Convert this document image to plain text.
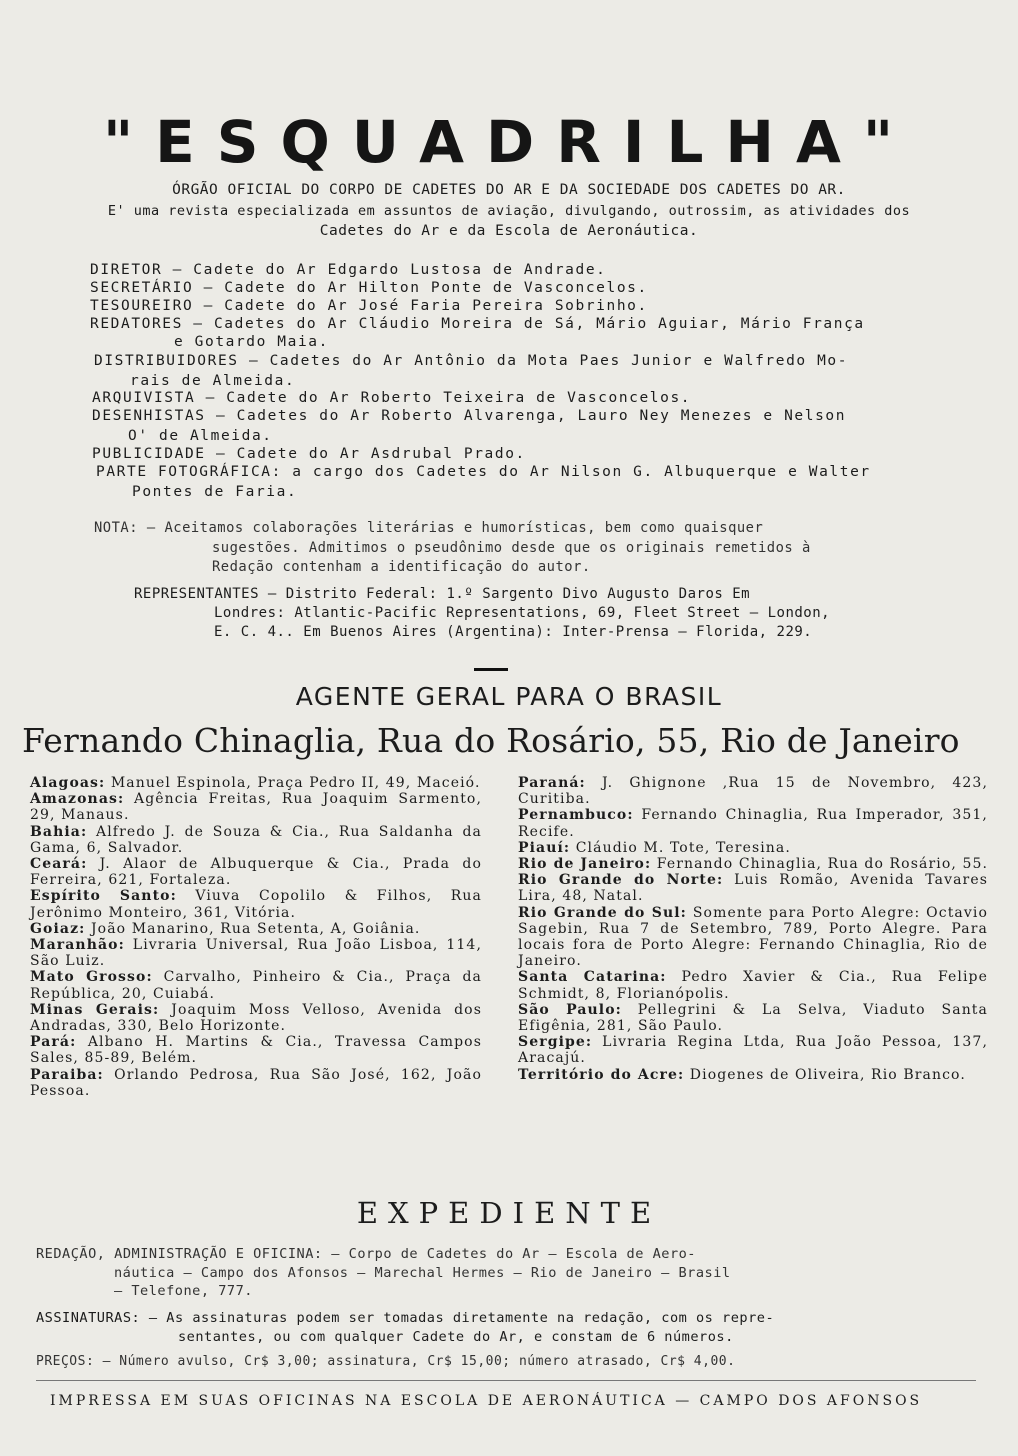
"ESQUADRILHA"
ÓRGÃO OFICIAL DO CORPO DE CADETES DO AR E DA SOCIEDADE DOS CADETES DO AR.
E' uma revista especializada em assuntos de aviação, divulgando, outrossim, as atividades dos
Cadetes do Ar e da Escola de Aeronáutica.
DIRETOR — Cadete do Ar Edgardo Lustosa de Andrade.
SECRETÁRIO — Cadete do Ar Hilton Ponte de Vasconcelos.
TESOUREIRO — Cadete do Ar José Faria Pereira Sobrinho.
REDATORES — Cadetes do Ar Cláudio Moreira de Sá, Mário Aguiar, Mário França
e Gotardo Maia.
DISTRIBUIDORES — Cadetes do Ar Antônio da Mota Paes Junior e Walfredo Mo-
rais de Almeida.
ARQUIVISTA — Cadete do Ar Roberto Teixeira de Vasconcelos.
DESENHISTAS — Cadetes do Ar Roberto Alvarenga, Lauro Ney Menezes e Nelson
O' de Almeida.
PUBLICIDADE — Cadete do Ar Asdrubal Prado.
PARTE FOTOGRÁFICA: a cargo dos Cadetes do Ar Nilson G. Albuquerque e Walter
Pontes de Faria.
NOTA: — Aceitamos colaborações literárias e humorísticas, bem como quaisquer
sugestões. Admitimos o pseudônimo desde que os originais remetidos à
Redação contenham a identificação do autor.
REPRESENTANTES — Distrito Federal: 1.º Sargento Divo Augusto Daros Em
Londres: Atlantic-Pacific Representations, 69, Fleet Street — London,
E. C. 4.. Em Buenos Aires (Argentina): Inter-Prensa — Florida, 229.
AGENTE GERAL PARA O BRASIL
Fernando Chinaglia, Rua do Rosário, 55, Rio de Janeiro
Alagoas: Manuel Espinola, Praça Pedro II, 49, Maceió.
Amazonas: Agência Freitas, Rua Joaquim Sarmento, 29, Manaus.
Bahia: Alfredo J. de Souza & Cia., Rua Saldanha da Gama, 6, Salvador.
Ceará: J. Alaor de Albuquerque & Cia., Prada do Ferreira, 621, Fortaleza.
Espírito Santo: Viuva Copolilo & Filhos, Rua Jerônimo Monteiro, 361, Vitória.
Goiaz: João Manarino, Rua Setenta, A, Goiânia.
Maranhão: Livraria Universal, Rua João Lisboa, 114, São Luiz.
Mato Grosso: Carvalho, Pinheiro & Cia., Praça da República, 20, Cuiabá.
Minas Gerais: Joaquim Moss Velloso, Avenida dos Andradas, 330, Belo Horizonte.
Pará: Albano H. Martins & Cia., Travessa Campos Sales, 85-89, Belém.
Paraiba: Orlando Pedrosa, Rua São José, 162, João Pessoa.
Paraná: J. Ghignone ,Rua 15 de Novembro, 423, Curitiba.
Pernambuco: Fernando Chinaglia, Rua Imperador, 351, Recife.
Piauí: Cláudio M. Tote, Teresina.
Rio de Janeiro: Fernando Chinaglia, Rua do Rosário, 55.
Rio Grande do Norte: Luis Romão, Avenida Tavares Lira, 48, Natal.
Rio Grande do Sul: Somente para Porto Alegre: Octavio Sagebin, Rua 7 de Setembro, 789, Porto Alegre. Para locais fora de Porto Alegre: Fernando Chinaglia, Rio de Janeiro.
Santa Catarina: Pedro Xavier & Cia., Rua Felipe Schmidt, 8, Florianópolis.
São Paulo: Pellegrini & La Selva, Viaduto Santa Efigênia, 281, São Paulo.
Sergipe: Livraria Regina Ltda, Rua João Pessoa, 137, Aracajú.
Território do Acre: Diogenes de Oliveira, Rio Branco.
EXPEDIENTE
REDAÇÃO, ADMINISTRAÇÃO E OFICINA: — Corpo de Cadetes do Ar — Escola de Aero-
náutica — Campo dos Afonsos — Marechal Hermes — Rio de Janeiro — Brasil
— Telefone, 777.
ASSINATURAS: — As assinaturas podem ser tomadas diretamente na redação, com os repre-
sentantes, ou com qualquer Cadete do Ar, e constam de 6 números.
PREÇOS: — Número avulso, Cr$ 3,00; assinatura, Cr$ 15,00; número atrasado, Cr$ 4,00.
IMPRESSA EM SUAS OFICINAS NA ESCOLA DE AERONÁUTICA — CAMPO DOS AFONSOS
